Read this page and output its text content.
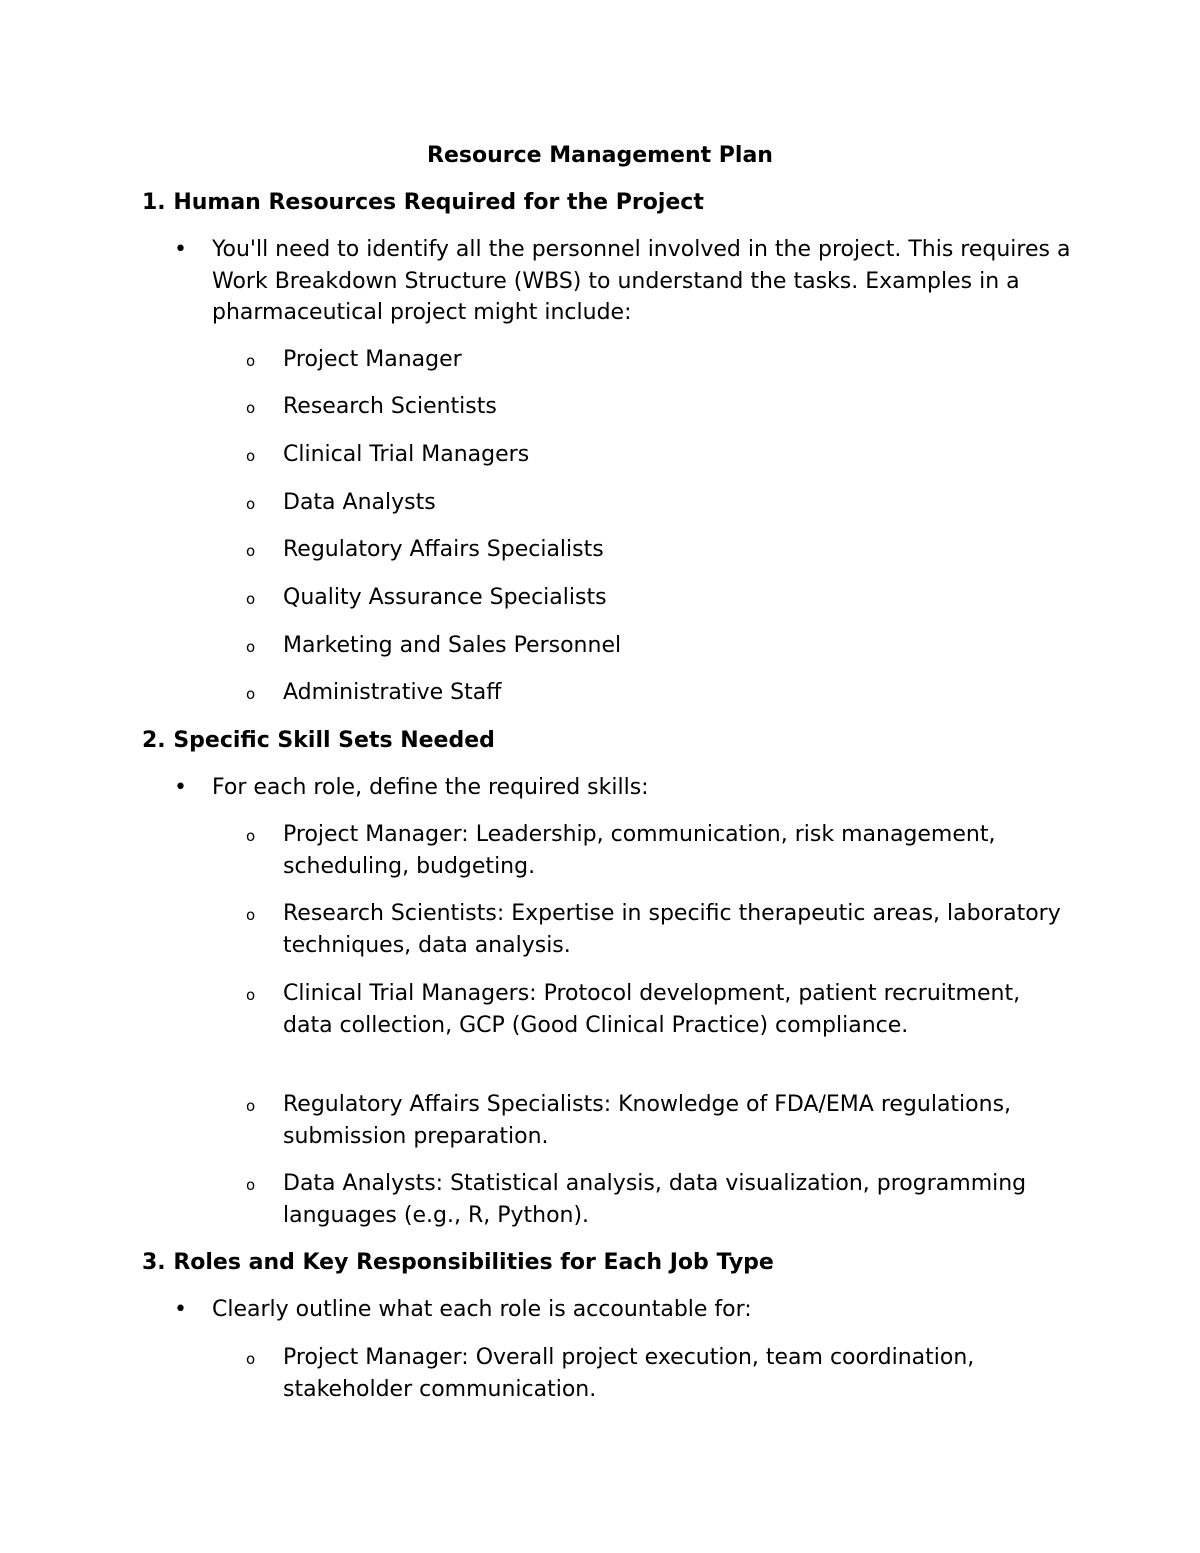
Resource Management Plan
1. Human Resources Required for the Project
• You'll need to identify all the personnel involved in the project. This requires a Work Breakdown Structure (WBS) to understand the tasks. Examples in a pharmaceutical project might include:
o Project Manager
o Research Scientists
o Clinical Trial Managers
o Data Analysts
o Regulatory Affairs Specialists
o Quality Assurance Specialists
o Marketing and Sales Personnel
o Administrative Staff
2. Specific Skill Sets Needed
• For each role, define the required skills:
o Project Manager: Leadership, communication, risk management, scheduling, budgeting.
o Research Scientists: Expertise in specific therapeutic areas, laboratory techniques, data analysis.
o Clinical Trial Managers: Protocol development, patient recruitment, data collection, GCP (Good Clinical Practice) compliance.
o Regulatory Affairs Specialists: Knowledge of FDA/EMA regulations, submission preparation.
o Data Analysts: Statistical analysis, data visualization, programming languages (e.g., R, Python).
3. Roles and Key Responsibilities for Each Job Type
• Clearly outline what each role is accountable for:
o Project Manager: Overall project execution, team coordination, stakeholder communication.
